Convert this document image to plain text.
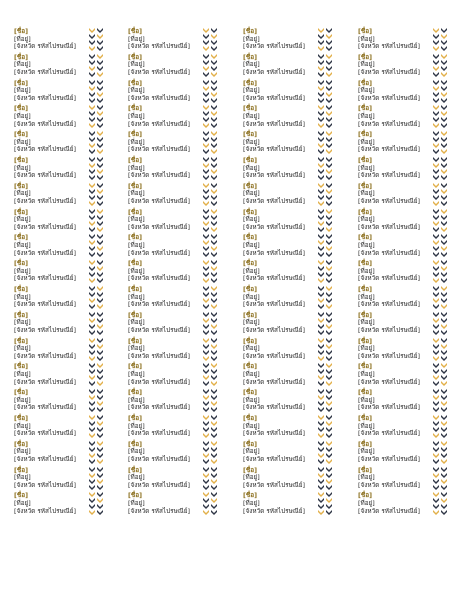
[ชื่อ]
[ที่อยู่]
[จังหวัด รหัสไปรษณีย์]
[ชื่อ]
[ที่อยู่]
[จังหวัด รหัสไปรษณีย์]
[ชื่อ]
[ที่อยู่]
[จังหวัด รหัสไปรษณีย์]
[ชื่อ]
[ที่อยู่]
[จังหวัด รหัสไปรษณีย์]
[ชื่อ]
[ที่อยู่]
[จังหวัด รหัสไปรษณีย์]
[ชื่อ]
[ที่อยู่]
[จังหวัด รหัสไปรษณีย์]
[ชื่อ]
[ที่อยู่]
[จังหวัด รหัสไปรษณีย์]
[ชื่อ]
[ที่อยู่]
[จังหวัด รหัสไปรษณีย์]
[ชื่อ]
[ที่อยู่]
[จังหวัด รหัสไปรษณีย์]
[ชื่อ]
[ที่อยู่]
[จังหวัด รหัสไปรษณีย์]
[ชื่อ]
[ที่อยู่]
[จังหวัด รหัสไปรษณีย์]
[ชื่อ]
[ที่อยู่]
[จังหวัด รหัสไปรษณีย์]
[ชื่อ]
[ที่อยู่]
[จังหวัด รหัสไปรษณีย์]
[ชื่อ]
[ที่อยู่]
[จังหวัด รหัสไปรษณีย์]
[ชื่อ]
[ที่อยู่]
[จังหวัด รหัสไปรษณีย์]
[ชื่อ]
[ที่อยู่]
[จังหวัด รหัสไปรษณีย์]
[ชื่อ]
[ที่อยู่]
[จังหวัด รหัสไปรษณีย์]
[ชื่อ]
[ที่อยู่]
[จังหวัด รหัสไปรษณีย์]
[ชื่อ]
[ที่อยู่]
[จังหวัด รหัสไปรษณีย์]
[ชื่อ]
[ที่อยู่]
[จังหวัด รหัสไปรษณีย์]
[ชื่อ]
[ที่อยู่]
[จังหวัด รหัสไปรษณีย์]
[ชื่อ]
[ที่อยู่]
[จังหวัด รหัสไปรษณีย์]
[ชื่อ]
[ที่อยู่]
[จังหวัด รหัสไปรษณีย์]
[ชื่อ]
[ที่อยู่]
[จังหวัด รหัสไปรษณีย์]
[ชื่อ]
[ที่อยู่]
[จังหวัด รหัสไปรษณีย์]
[ชื่อ]
[ที่อยู่]
[จังหวัด รหัสไปรษณีย์]
[ชื่อ]
[ที่อยู่]
[จังหวัด รหัสไปรษณีย์]
[ชื่อ]
[ที่อยู่]
[จังหวัด รหัสไปรษณีย์]
[ชื่อ]
[ที่อยู่]
[จังหวัด รหัสไปรษณีย์]
[ชื่อ]
[ที่อยู่]
[จังหวัด รหัสไปรษณีย์]
[ชื่อ]
[ที่อยู่]
[จังหวัด รหัสไปรษณีย์]
[ชื่อ]
[ที่อยู่]
[จังหวัด รหัสไปรษณีย์]
[ชื่อ]
[ที่อยู่]
[จังหวัด รหัสไปรษณีย์]
[ชื่อ]
[ที่อยู่]
[จังหวัด รหัสไปรษณีย์]
[ชื่อ]
[ที่อยู่]
[จังหวัด รหัสไปรษณีย์]
[ชื่อ]
[ที่อยู่]
[จังหวัด รหัสไปรษณีย์]
[ชื่อ]
[ที่อยู่]
[จังหวัด รหัสไปรษณีย์]
[ชื่อ]
[ที่อยู่]
[จังหวัด รหัสไปรษณีย์]
[ชื่อ]
[ที่อยู่]
[จังหวัด รหัสไปรษณีย์]
[ชื่อ]
[ที่อยู่]
[จังหวัด รหัสไปรษณีย์]
[ชื่อ]
[ที่อยู่]
[จังหวัด รหัสไปรษณีย์]
[ชื่อ]
[ที่อยู่]
[จังหวัด รหัสไปรษณีย์]
[ชื่อ]
[ที่อยู่]
[จังหวัด รหัสไปรษณีย์]
[ชื่อ]
[ที่อยู่]
[จังหวัด รหัสไปรษณีย์]
[ชื่อ]
[ที่อยู่]
[จังหวัด รหัสไปรษณีย์]
[ชื่อ]
[ที่อยู่]
[จังหวัด รหัสไปรษณีย์]
[ชื่อ]
[ที่อยู่]
[จังหวัด รหัสไปรษณีย์]
[ชื่อ]
[ที่อยู่]
[จังหวัด รหัสไปรษณีย์]
[ชื่อ]
[ที่อยู่]
[จังหวัด รหัสไปรษณีย์]
[ชื่อ]
[ที่อยู่]
[จังหวัด รหัสไปรษณีย์]
[ชื่อ]
[ที่อยู่]
[จังหวัด รหัสไปรษณีย์]
[ชื่อ]
[ที่อยู่]
[จังหวัด รหัสไปรษณีย์]
[ชื่อ]
[ที่อยู่]
[จังหวัด รหัสไปรษณีย์]
[ชื่อ]
[ที่อยู่]
[จังหวัด รหัสไปรษณีย์]
[ชื่อ]
[ที่อยู่]
[จังหวัด รหัสไปรษณีย์]
[ชื่อ]
[ที่อยู่]
[จังหวัด รหัสไปรษณีย์]
[ชื่อ]
[ที่อยู่]
[จังหวัด รหัสไปรษณีย์]
[ชื่อ]
[ที่อยู่]
[จังหวัด รหัสไปรษณีย์]
[ชื่อ]
[ที่อยู่]
[จังหวัด รหัสไปรษณีย์]
[ชื่อ]
[ที่อยู่]
[จังหวัด รหัสไปรษณีย์]
[ชื่อ]
[ที่อยู่]
[จังหวัด รหัสไปรษณีย์]
[ชื่อ]
[ที่อยู่]
[จังหวัด รหัสไปรษณีย์]
[ชื่อ]
[ที่อยู่]
[จังหวัด รหัสไปรษณีย์]
[ชื่อ]
[ที่อยู่]
[จังหวัด รหัสไปรษณีย์]
[ชื่อ]
[ที่อยู่]
[จังหวัด รหัสไปรษณีย์]
[ชื่อ]
[ที่อยู่]
[จังหวัด รหัสไปรษณีย์]
[ชื่อ]
[ที่อยู่]
[จังหวัด รหัสไปรษณีย์]
[ชื่อ]
[ที่อยู่]
[จังหวัด รหัสไปรษณีย์]
[ชื่อ]
[ที่อยู่]
[จังหวัด รหัสไปรษณีย์]
[ชื่อ]
[ที่อยู่]
[จังหวัด รหัสไปรษณีย์]
[ชื่อ]
[ที่อยู่]
[จังหวัด รหัสไปรษณีย์]
[ชื่อ]
[ที่อยู่]
[จังหวัด รหัสไปรษณีย์]
[ชื่อ]
[ที่อยู่]
[จังหวัด รหัสไปรษณีย์]
[ชื่อ]
[ที่อยู่]
[จังหวัด รหัสไปรษณีย์]
[ชื่อ]
[ที่อยู่]
[จังหวัด รหัสไปรษณีย์]
[ชื่อ]
[ที่อยู่]
[จังหวัด รหัสไปรษณีย์]
